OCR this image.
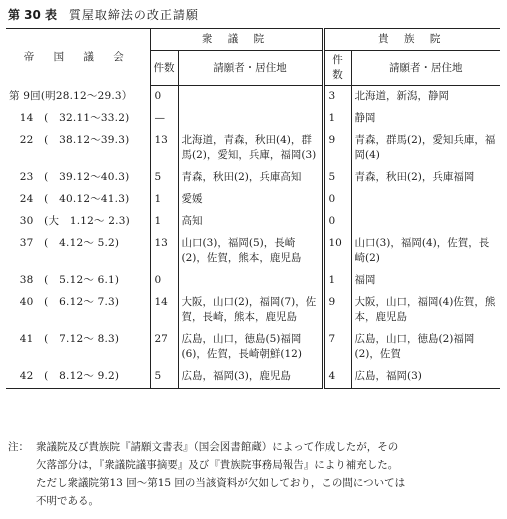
第 30 表 質屋取締法の改正請願
帝 国 議 会	衆 議 院		貴 族 院	
	件数	請願者・居住地	件数	請願者・居住地
第 9回(明28.12～29.3）	0		3	北海道，新潟，静岡
　14　(　32.11～33.2)	—		1	静岡
　22　(　38.12～39.3)	13	北海道，青森，秋田(4)，群馬(2)，愛知，兵庫，福岡(3)	9	青森，群馬(2)，愛知兵庫，福岡(4)
　23　(　39.12～40.3)	5	青森，秋田(2)，兵庫高知	5	青森，秋田(2)，兵庫福岡
　24　(　40.12～41.3)	1	愛媛	0	
　30　(大　1.12～ 2.3)	1	高知	0	
　37　(　4.12～ 5.2)	13	山口(3)，福岡(5)，長崎(2)，佐賀，熊本，鹿児島	10	山口(3)，福岡(4)，佐賀，長崎(2)
　38　(　5.12～ 6.1)	0		1	福岡
　40　(　6.12～ 7.3)	14	大阪，山口(2)，福岡(7)，佐賀，長崎，熊本，鹿児島	9	大阪，山口，福岡(4)佐賀，熊本，鹿児島
　41　(　7.12～ 8.3)	27	広島，山口，徳島(5)福岡(6)，佐賀，長崎朝鮮(12)	7	広島，山口，徳島(2)福岡(2)，佐賀
　42　(　8.12～ 9.2)	5	広島，福岡(3)，鹿児島	4	広島，福岡(3)
注： 衆議院及び貴族院『請願文書表』（国会図書館蔵）によって作成したが，その
欠落部分は，『衆議院議事摘要』及び『貴族院事務局報告』により補充した。
ただし衆議院第13 回～第15 回の当該資料が欠如しており，この間については
不明である。
